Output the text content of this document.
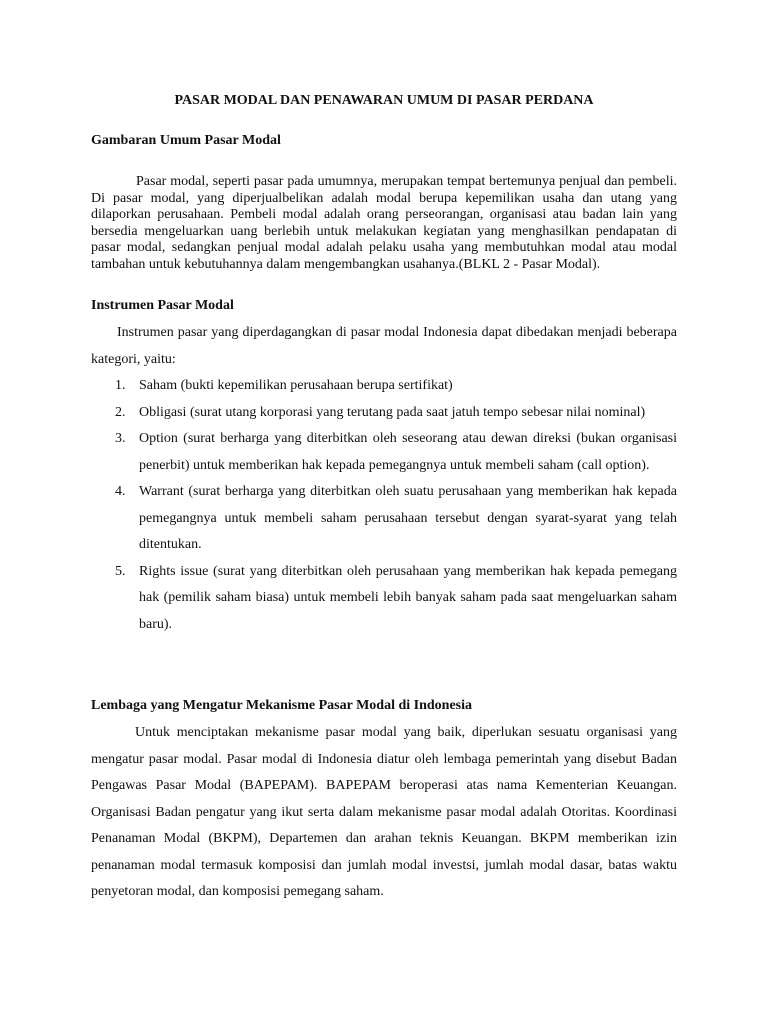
PASAR MODAL DAN PENAWARAN UMUM DI PASAR PERDANA
Gambaran Umum Pasar Modal

Pasar modal, seperti pasar pada umumnya, merupakan tempat bertemunya penjual dan pembeli. Di pasar modal, yang diperjualbelikan adalah modal berupa kepemilikan usaha dan utang yang dilaporkan perusahaan. Pembeli modal adalah orang perseorangan, organisasi atau badan lain yang bersedia mengeluarkan uang berlebih untuk melakukan kegiatan yang menghasilkan pendapatan di pasar modal, sedangkan penjual modal adalah pelaku usaha yang membutuhkan modal atau modal tambahan untuk kebutuhannya dalam mengembangkan usahanya.(BLKL 2 - Pasar Modal).

Instrumen Pasar Modal

Instrumen pasar yang diperdagangkan di pasar modal Indonesia dapat dibedakan menjadi beberapa kategori, yaitu:

1. Saham (bukti kepemilikan perusahaan berupa sertifikat)
2. Obligasi (surat utang korporasi yang terutang pada saat jatuh tempo sebesar nilai nominal)
3. Option (surat berharga yang diterbitkan oleh seseorang atau dewan direksi (bukan organisasi penerbit) untuk memberikan hak kepada pemegangnya untuk membeli saham (call option).
4. Warrant (surat berharga yang diterbitkan oleh suatu perusahaan yang memberikan hak kepada pemegangnya untuk membeli saham perusahaan tersebut dengan syarat-syarat yang telah ditentukan.
5. Rights issue (surat yang diterbitkan oleh perusahaan yang memberikan hak kepada pemegang hak (pemilik saham biasa) untuk membeli lebih banyak saham pada saat mengeluarkan saham baru).
Lembaga yang Mengatur Mekanisme Pasar Modal di Indonesia

Untuk menciptakan mekanisme pasar modal yang baik, diperlukan sesuatu organisasi yang mengatur pasar modal. Pasar modal di Indonesia diatur oleh lembaga pemerintah yang disebut Badan Pengawas Pasar Modal (BAPEPAM). BAPEPAM beroperasi atas nama Kementerian Keuangan. Organisasi Badan pengatur yang ikut serta dalam mekanisme pasar modal adalah Otoritas. Koordinasi Penanaman Modal (BKPM), Departemen dan arahan teknis Keuangan. BKPM memberikan izin penanaman modal termasuk komposisi dan jumlah modal investsi, jumlah modal dasar, batas waktu penyetoran modal, dan komposisi pemegang saham.
